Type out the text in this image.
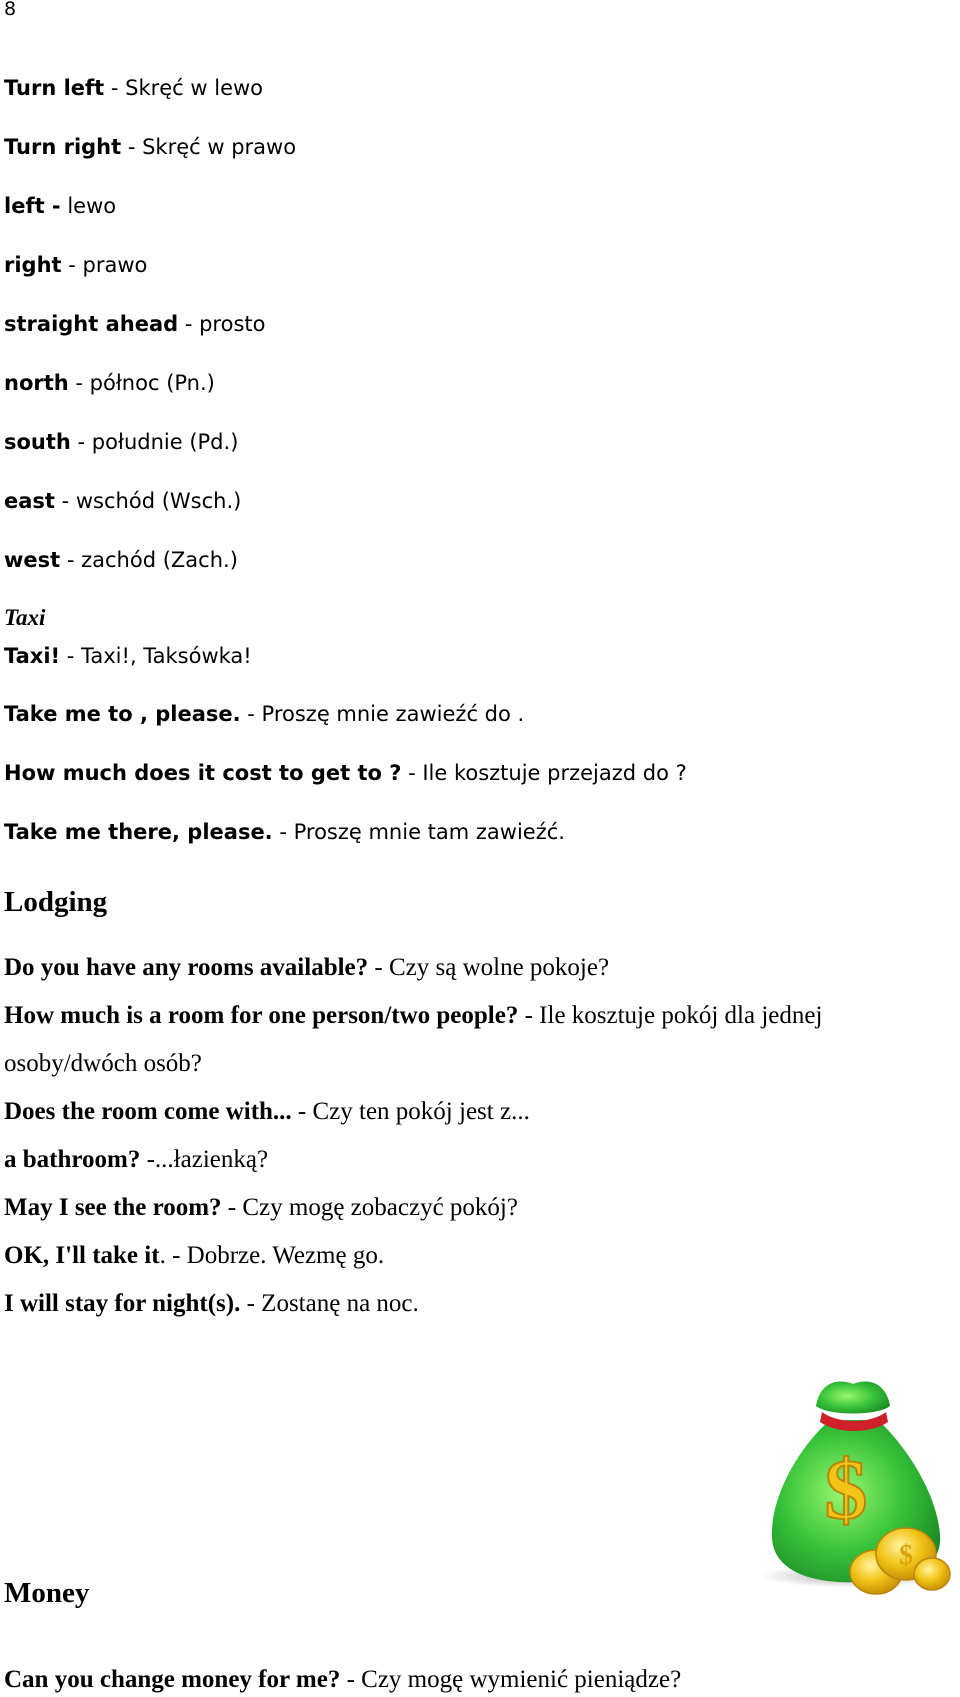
8
Turn left - Skręć w lewo
Turn right - Skręć w prawo
left - lewo
right - prawo
straight ahead - prosto
north - północ (Pn.)
south - południe (Pd.)
east - wschód (Wsch.)
west - zachód (Zach.)
Taxi
Taxi! - Taxi!, Taksówka!
Take me to , please. - Proszę mnie zawieźć do .
How much does it cost to get to ? - Ile kosztuje przejazd do ?
Take me there, please. - Proszę mnie tam zawieźć.
Lodging
Do you have any rooms available? - Czy są wolne pokoje?
How much is a room for one person/two people? - Ile kosztuje pokój dla jednej
osoby/dwóch osób?
Does the room come with... - Czy ten pokój jest z...
a bathroom? -...łazienką?
May I see the room? - Czy mogę zobaczyć pokój?
OK, I'll take it. - Dobrze. Wezmę go.
I will stay for night(s). - Zostanę na noc.
$
$
Money
Can you change money for me? - Czy mogę wymienić pieniądze?
